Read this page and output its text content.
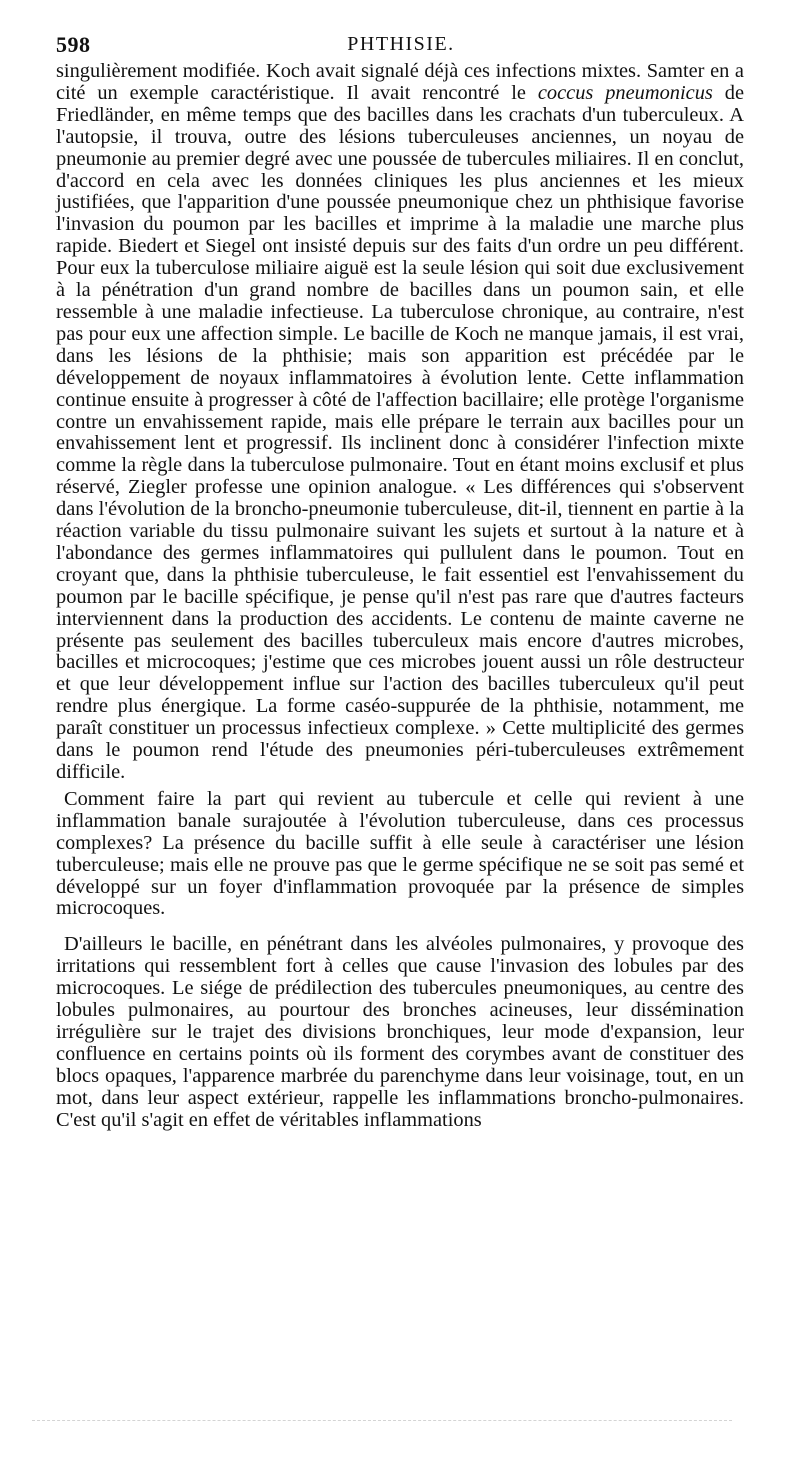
598	PHTHISIE.

singulièrement modifiée. Koch avait signalé déjà ces infections mixtes. Samter en a cité un exemple caractéristique. Il avait rencontré le coccus pneumonicus de Friedländer, en même temps que des bacilles dans les crachats d'un tuberculeux. A l'autopsie, il trouva, outre des lésions tuberculeuses anciennes, un noyau de pneumonie au premier degré avec une poussée de tubercules miliaires. Il en conclut, d'accord en cela avec les données cliniques les plus anciennes et les mieux justifiées, que l'apparition d'une poussée pneumonique chez un phthisique favorise l'invasion du poumon par les bacilles et imprime à la maladie une marche plus rapide. Biedert et Siegel ont insisté depuis sur des faits d'un ordre un peu différent. Pour eux la tuberculose miliaire aiguë est la seule lésion qui soit due exclusivement à la pénétration d'un grand nombre de bacilles dans un poumon sain, et elle ressemble à une maladie infectieuse. La tuberculose chronique, au contraire, n'est pas pour eux une affection simple. Le bacille de Koch ne manque jamais, il est vrai, dans les lésions de la phthisie; mais son apparition est précédée par le développement de noyaux inflammatoires à évolution lente. Cette inflammation continue ensuite à progresser à côté de l'affection bacillaire; elle protège l'organisme contre un envahissement rapide, mais elle prépare le terrain aux bacilles pour un envahissement lent et progressif. Ils inclinent donc à considérer l'infection mixte comme la règle dans la tuberculose pulmonaire. Tout en étant moins exclusif et plus réservé, Ziegler professe une opinion analogue. « Les différences qui s'observent dans l'évolution de la broncho-pneumonie tuberculeuse, dit-il, tiennent en partie à la réaction variable du tissu pulmonaire suivant les sujets et surtout à la nature et à l'abondance des germes inflammatoires qui pullulent dans le poumon. Tout en croyant que, dans la phthisie tuberculeuse, le fait essentiel est l'envahissement du poumon par le bacille spécifique, je pense qu'il n'est pas rare que d'autres facteurs interviennent dans la production des accidents. Le contenu de mainte caverne ne présente pas seulement des bacilles tuberculeux mais encore d'autres microbes, bacilles et microcoques; j'estime que ces microbes jouent aussi un rôle destructeur et que leur développement influe sur l'action des bacilles tuberculeux qu'il peut rendre plus énergique. La forme caséo-suppurée de la phthisie, notamment, me paraît constituer un processus infectieux complexe. » Cette multiplicité des germes dans le poumon rend l'étude des pneumonies péri-tuberculeuses extrêmement difficile.

Comment faire la part qui revient au tubercule et celle qui revient à une inflammation banale surajoutée à l'évolution tuberculeuse, dans ces processus complexes? La présence du bacille suffit à elle seule à caractériser une lésion tuberculeuse; mais elle ne prouve pas que le germe spécifique ne se soit pas semé et développé sur un foyer d'inflammation provoquée par la présence de simples microcoques.

D'ailleurs le bacille, en pénétrant dans les alvéoles pulmonaires, y provoque des irritations qui ressemblent fort à celles que cause l'invasion des lobules par des microcoques. Le siége de prédilection des tubercules pneumoniques, au centre des lobules pulmonaires, au pourtour des bronches acineuses, leur dissémination irrégulière sur le trajet des divisions bronchiques, leur mode d'expansion, leur confluence en certains points où ils forment des corymbes avant de constituer des blocs opaques, l'apparence marbrée du parenchyme dans leur voisinage, tout, en un mot, dans leur aspect extérieur, rappelle les inflammations broncho-pulmonaires. C'est qu'il s'agit en effet de véritables inflammations
